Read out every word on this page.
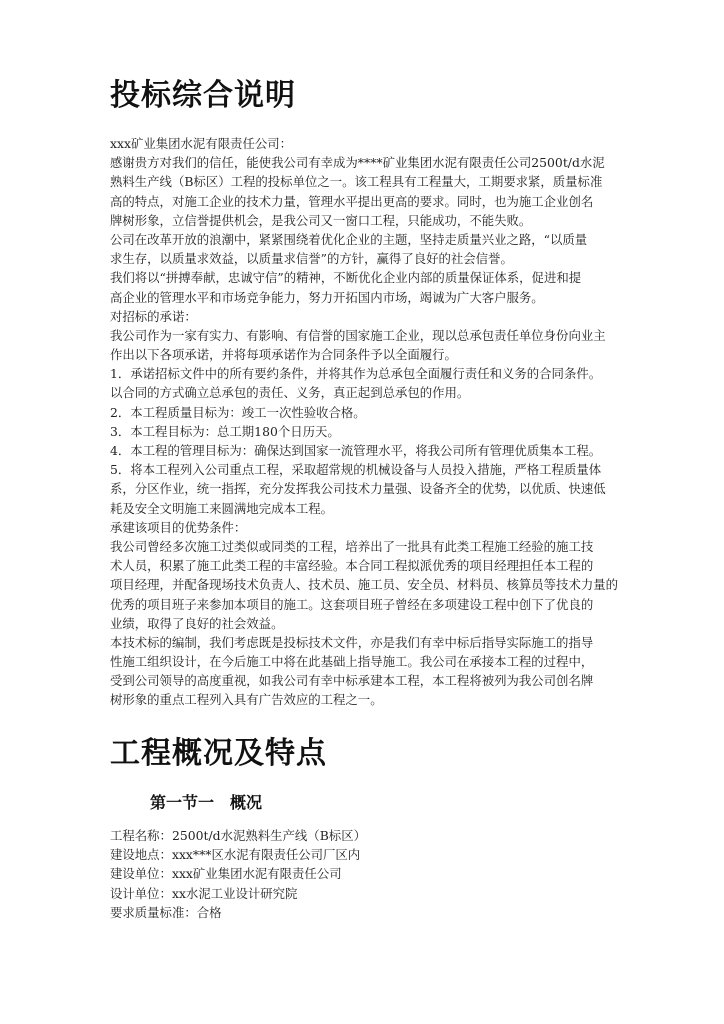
投标综合说明
xxx矿业集团水泥有限责任公司：
感谢贵方对我们的信任，能使我公司有幸成为****矿业集团水泥有限责任公司2500t/d水泥
熟料生产线（B标区）工程的投标单位之一。该工程具有工程量大，工期要求紧，质量标准
高的特点，对施工企业的技术力量，管理水平提出更高的要求。同时，也为施工企业创名
牌树形象，立信誉提供机会，是我公司又一窗口工程，只能成功，不能失败。
公司在改革开放的浪潮中，紧紧围绕着优化企业的主题，坚持走质量兴业之路，“以质量
求生存，以质量求效益，以质量求信誉”的方针，赢得了良好的社会信誉。
我们将以“拼搏奉献，忠诚守信”的精神，不断优化企业内部的质量保证体系，促进和提
高企业的管理水平和市场竞争能力，努力开拓国内市场，竭诚为广大客户服务。
对招标的承诺：
我公司作为一家有实力、有影响、有信誉的国家施工企业，现以总承包责任单位身份向业主
作出以下各项承诺，并将每项承诺作为合同条件予以全面履行。
1．承诺招标文件中的所有要约条件，并将其作为总承包全面履行责任和义务的合同条件。
以合同的方式确立总承包的责任、义务，真正起到总承包的作用。
2．本工程质量目标为：竣工一次性验收合格。
3．本工程目标为：总工期180个日历天。
4．本工程的管理目标为：确保达到国家一流管理水平，将我公司所有管理优质集本工程。
5．将本工程列入公司重点工程，采取超常规的机械设备与人员投入措施，严格工程质量体
系，分区作业，统一指挥，充分发挥我公司技术力量强、设备齐全的优势，以优质、快速低
耗及安全文明施工来圆满地完成本工程。
承建该项目的优势条件：
我公司曾经多次施工过类似或同类的工程，培养出了一批具有此类工程施工经验的施工技
术人员，积累了施工此类工程的丰富经验。本合同工程拟派优秀的项目经理担任本工程的
项目经理，并配备现场技术负责人、技术员、施工员、安全员、材料员、核算员等技术力量的
优秀的项目班子来参加本项目的施工。这套项目班子曾经在多项建设工程中创下了优良的
业绩，取得了良好的社会效益。
本技术标的编制，我们考虑既是投标技术文件，亦是我们有幸中标后指导实际施工的指导
性施工组织设计，在今后施工中将在此基础上指导施工。我公司在承接本工程的过程中，
受到公司领导的高度重视，如我公司有幸中标承建本工程，本工程将被列为我公司创名牌
树形象的重点工程列入具有广告效应的工程之一。
工程概况及特点
第一节一　概况
工程名称：2500t/d水泥熟料生产线（B标区）
建设地点：xxx***区水泥有限责任公司厂区内
建设单位：xxx矿业集团水泥有限责任公司
设计单位：xx水泥工业设计研究院
要求质量标准：合格
